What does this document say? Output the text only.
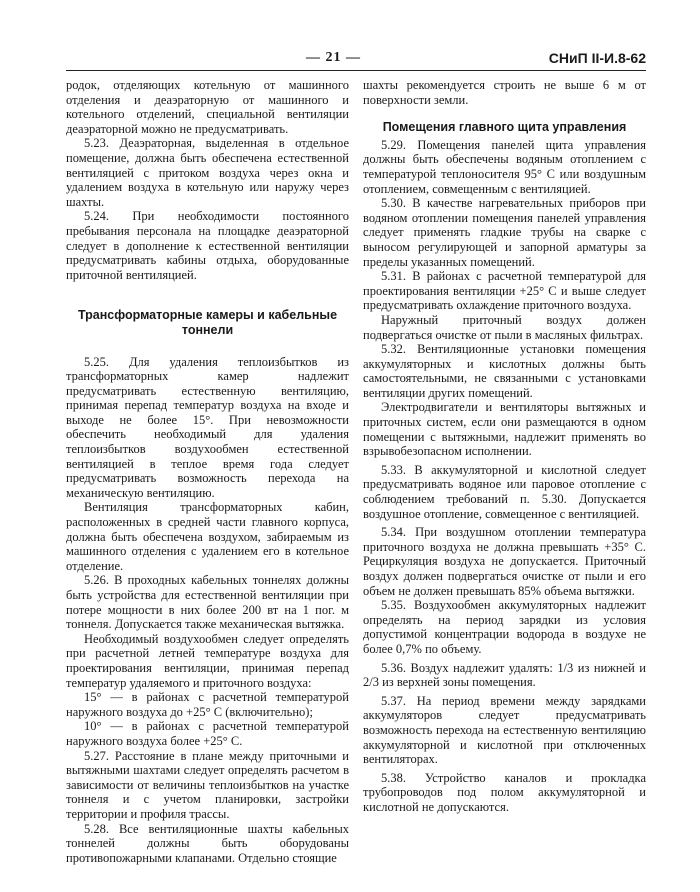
— 21 —	СНиП II-И.8-62

родок, отделяющих котельную от машинного отделения и деаэраторную от машинного и котельного отделений, специальной вентиляции деаэраторной можно не предусматривать.

5.23. Деаэраторная, выделенная в отдельное помещение, должна быть обеспечена естественной вентиляцией с притоком воздуха через окна и удалением воздуха в котельную или наружу через шахты.

5.24. При необходимости постоянного пребывания персонала на площадке деаэраторной следует в дополнение к естественной вентиляции предусматривать кабины отдыха, оборудованные приточной вентиляцией.

Трансформаторные камеры и кабельные тоннели

5.25. Для удаления теплоизбытков из трансформаторных камер надлежит предусматривать естественную вентиляцию, принимая перепад температур воздуха на входе и выходе не более 15°. При невозможности обеспечить необходимый для удаления теплоизбытков воздухообмен естественной вентиляцией в теплое время года следует предусматривать возможность перехода на механическую вентиляцию.

Вентиляция трансформаторных кабин, расположенных в средней части главного корпуса, должна быть обеспечена воздухом, забираемым из машинного отделения с удалением его в котельное отделение.

5.26. В проходных кабельных тоннелях должны быть устройства для естественной вентиляции при потере мощности в них более 200 вт на 1 пог. м тоннеля. Допускается также механическая вытяжка.

Необходимый воздухообмен следует определять при расчетной летней температуре воздуха для проектирования вентиляции, принимая перепад температур удаляемого и приточного воздуха:

15° — в районах с расчетной температурой наружного воздуха до +25° С (включительно);

10° — в районах с расчетной температурой наружного воздуха более +25° С.

5.27. Расстояние в плане между приточными и вытяжными шахтами следует определять расчетом в зависимости от величины теплоизбытков на участке тоннеля и с учетом планировки, застройки территории и профиля трассы.

5.28. Все вентиляционные шахты кабельных тоннелей должны быть оборудованы противопожарными клапанами. Отдельно стоящие

шахты рекомендуется строить не выше 6 м от поверхности земли.

Помещения главного щита управления

5.29. Помещения панелей щита управления должны быть обеспечены водяным отоплением с температурой теплоносителя 95° С или воздушным отоплением, совмещенным с вентиляцией.

5.30. В качестве нагревательных приборов при водяном отоплении помещения панелей управления следует применять гладкие трубы на сварке с выносом регулирующей и запорной арматуры за пределы указанных помещений.

5.31. В районах с расчетной температурой для проектирования вентиляции +25° С и выше следует предусматривать охлаждение приточного воздуха.

Наружный приточный воздух должен подвергаться очистке от пыли в масляных фильтрах.

5.32. Вентиляционные установки помещения аккумуляторных и кислотных должны быть самостоятельными, не связанными с установками вентиляции других помещений.

Электродвигатели и вентиляторы вытяжных и приточных систем, если они размещаются в одном помещении с вытяжными, надлежит применять во взрывобезопасном исполнении.

5.33. В аккумуляторной и кислотной следует предусматривать водяное или паровое отопление с соблюдением требований п. 5.30. Допускается воздушное отопление, совмещенное с вентиляцией.

5.34. При воздушном отоплении температура приточного воздуха не должна превышать +35° С. Рециркуляция воздуха не допускается. Приточный воздух должен подвергаться очистке от пыли и его объем не должен превышать 85% объема вытяжки.

5.35. Воздухообмен аккумуляторных надлежит определять на период зарядки из условия допустимой концентрации водорода в воздухе не более 0,7% по объему.

5.36. Воздух надлежит удалять: 1/3 из нижней и 2/3 из верхней зоны помещения.

5.37. На период времени между зарядками аккумуляторов следует предусматривать возможность перехода на естественную вентиляцию аккумуляторной и кислотной при отключенных вентиляторах.

5.38. Устройство каналов и прокладка трубопроводов под полом аккумуляторной и кислотной не допускаются.
